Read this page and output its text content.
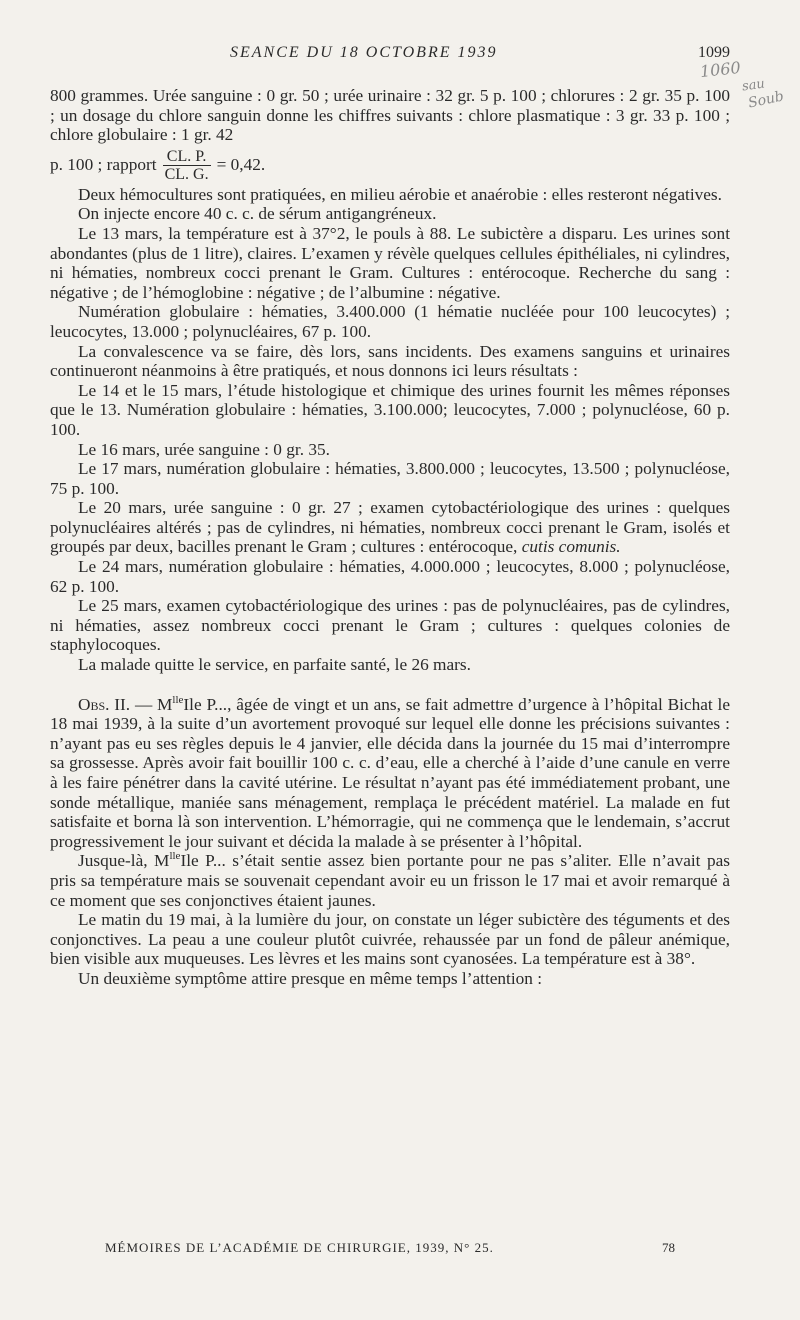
SEANCE DU 18 OCTOBRE 1939	1099
1060
sau
Soub

800 grammes. Urée sanguine : 0 gr. 50 ; urée urinaire : 32 gr. 5 p. 100 ; chlorures : 2 gr. 35 p. 100 ; un dosage du chlore sanguin donne les chiffres suivants : chlore plasmatique : 3 gr. 33 p. 100 ; chlore globulaire : 1 gr. 42

p. 100 ; rapport $\frac{CL. P.}{CL. G.} = 0,42$.

Deux hémocultures sont pratiquées, en milieu aérobie et anaérobie : elles resteront négatives.

On injecte encore 40 c. c. de sérum antigangréneux.

Le 13 mars, la température est à 37°2, le pouls à 88. Le subictère a disparu. Les urines sont abondantes (plus de 1 litre), claires. L’examen y révèle quelques cellules épithéliales, ni cylindres, ni hématies, nombreux cocci prenant le Gram. Cultures : entérocoque. Recherche du sang : négative ; de l’hémoglobine : négative ; de l’albumine : négative.

Numération globulaire : hématies, 3.400.000 (1 hématie nucléée pour 100 leucocytes) ; leucocytes, 13.000 ; polynucléaires, 67 p. 100.

La convalescence va se faire, dès lors, sans incidents. Des examens sanguins et urinaires continueront néanmoins à être pratiqués, et nous donnons ici leurs résultats :

Le 14 et le 15 mars, l’étude histologique et chimique des urines fournit les mêmes réponses que le 13. Numération globulaire : hématies, 3.100.000; leucocytes, 7.000 ; polynucléose, 60 p. 100.

Le 16 mars, urée sanguine : 0 gr. 35.

Le 17 mars, numération globulaire : hématies, 3.800.000 ; leucocytes, 13.500 ; polynucléose, 75 p. 100.

Le 20 mars, urée sanguine : 0 gr. 27 ; examen cytobactériologique des urines : quelques polynucléaires altérés ; pas de cylindres, ni hématies, nombreux cocci prenant le Gram, isolés et groupés par deux, bacilles prenant le Gram ; cultures : entérocoque, cutis comunis.

Le 24 mars, numération globulaire : hématies, 4.000.000 ; leucocytes, 8.000 ; polynucléose, 62 p. 100.

Le 25 mars, examen cytobactériologique des urines : pas de polynucléaires, pas de cylindres, ni hématies, assez nombreux cocci prenant le Gram ; cultures : quelques colonies de staphylocoques.

La malade quitte le service, en parfaite santé, le 26 mars.

Obs. II. — $M^{lle}Ile$ P..., âgée de vingt et un ans, se fait admettre d’urgence à l’hôpital Bichat le 18 mai 1939, à la suite d’un avortement provoqué sur lequel elle donne les précisions suivantes : n’ayant pas eu ses règles depuis le 4 janvier, elle décida dans la journée du 15 mai d’interrompre sa grossesse. Après avoir fait bouillir 100 c. c. d’eau, elle a cherché à l’aide d’une canule en verre à les faire pénétrer dans la cavité utérine. Le résultat n’ayant pas été immédiatement probant, une sonde métallique, maniée sans ménagement, remplaça le précédent matériel. La malade en fut satisfaite et borna là son intervention. L’hémorragie, qui ne commença que le lendemain, s’accrut progressivement le jour suivant et décida la malade à se présenter à l’hôpital.

Jusque-là, $M^{lle}Ile$ P... s’était sentie assez bien portante pour ne pas s’aliter. Elle n’avait pas pris sa température mais se souvenait cependant avoir eu un frisson le 17 mai et avoir remarqué à ce moment que ses conjonctives étaient jaunes.

Le matin du 19 mai, à la lumière du jour, on constate un léger subictère des téguments et des conjonctives. La peau a une couleur plutôt cuivrée, rehaussée par un fond de pâleur anémique, bien visible aux muqueuses. Les lèvres et les mains sont cyanosées. La température est à 38°.

Un deuxième symptôme attire presque en même temps l’attention :

MÉMOIRES DE L’ACADÉMIE DE CHIRURGIE, 1939, N° 25.	78
